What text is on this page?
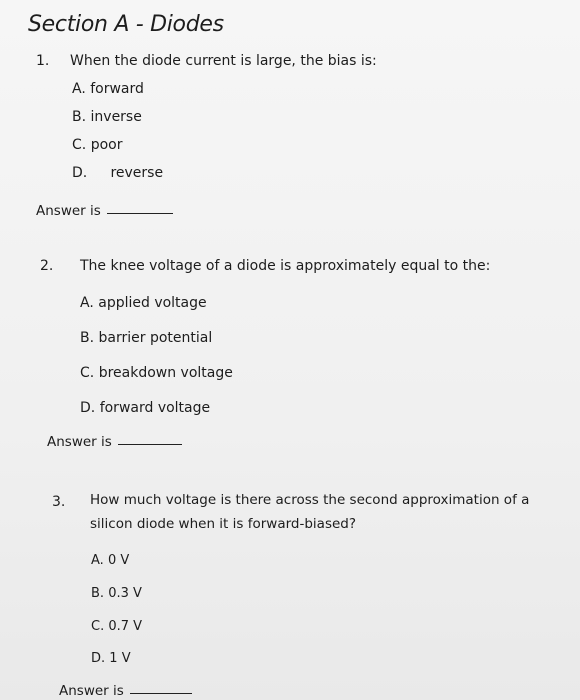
Section A - Diodes
1. When the diode current is large, the bias is:
A. forward
B. inverse
C. poor
D. reverse
Answer is
2. The knee voltage of a diode is approximately equal to the:
A. applied voltage
B. barrier potential
C. breakdown voltage
D. forward voltage
Answer is
3. How much voltage is there across the second approximation of a
silicon diode when it is forward-biased?
A. 0 V
B. 0.3 V
C. 0.7 V
D. 1 V
Answer is
